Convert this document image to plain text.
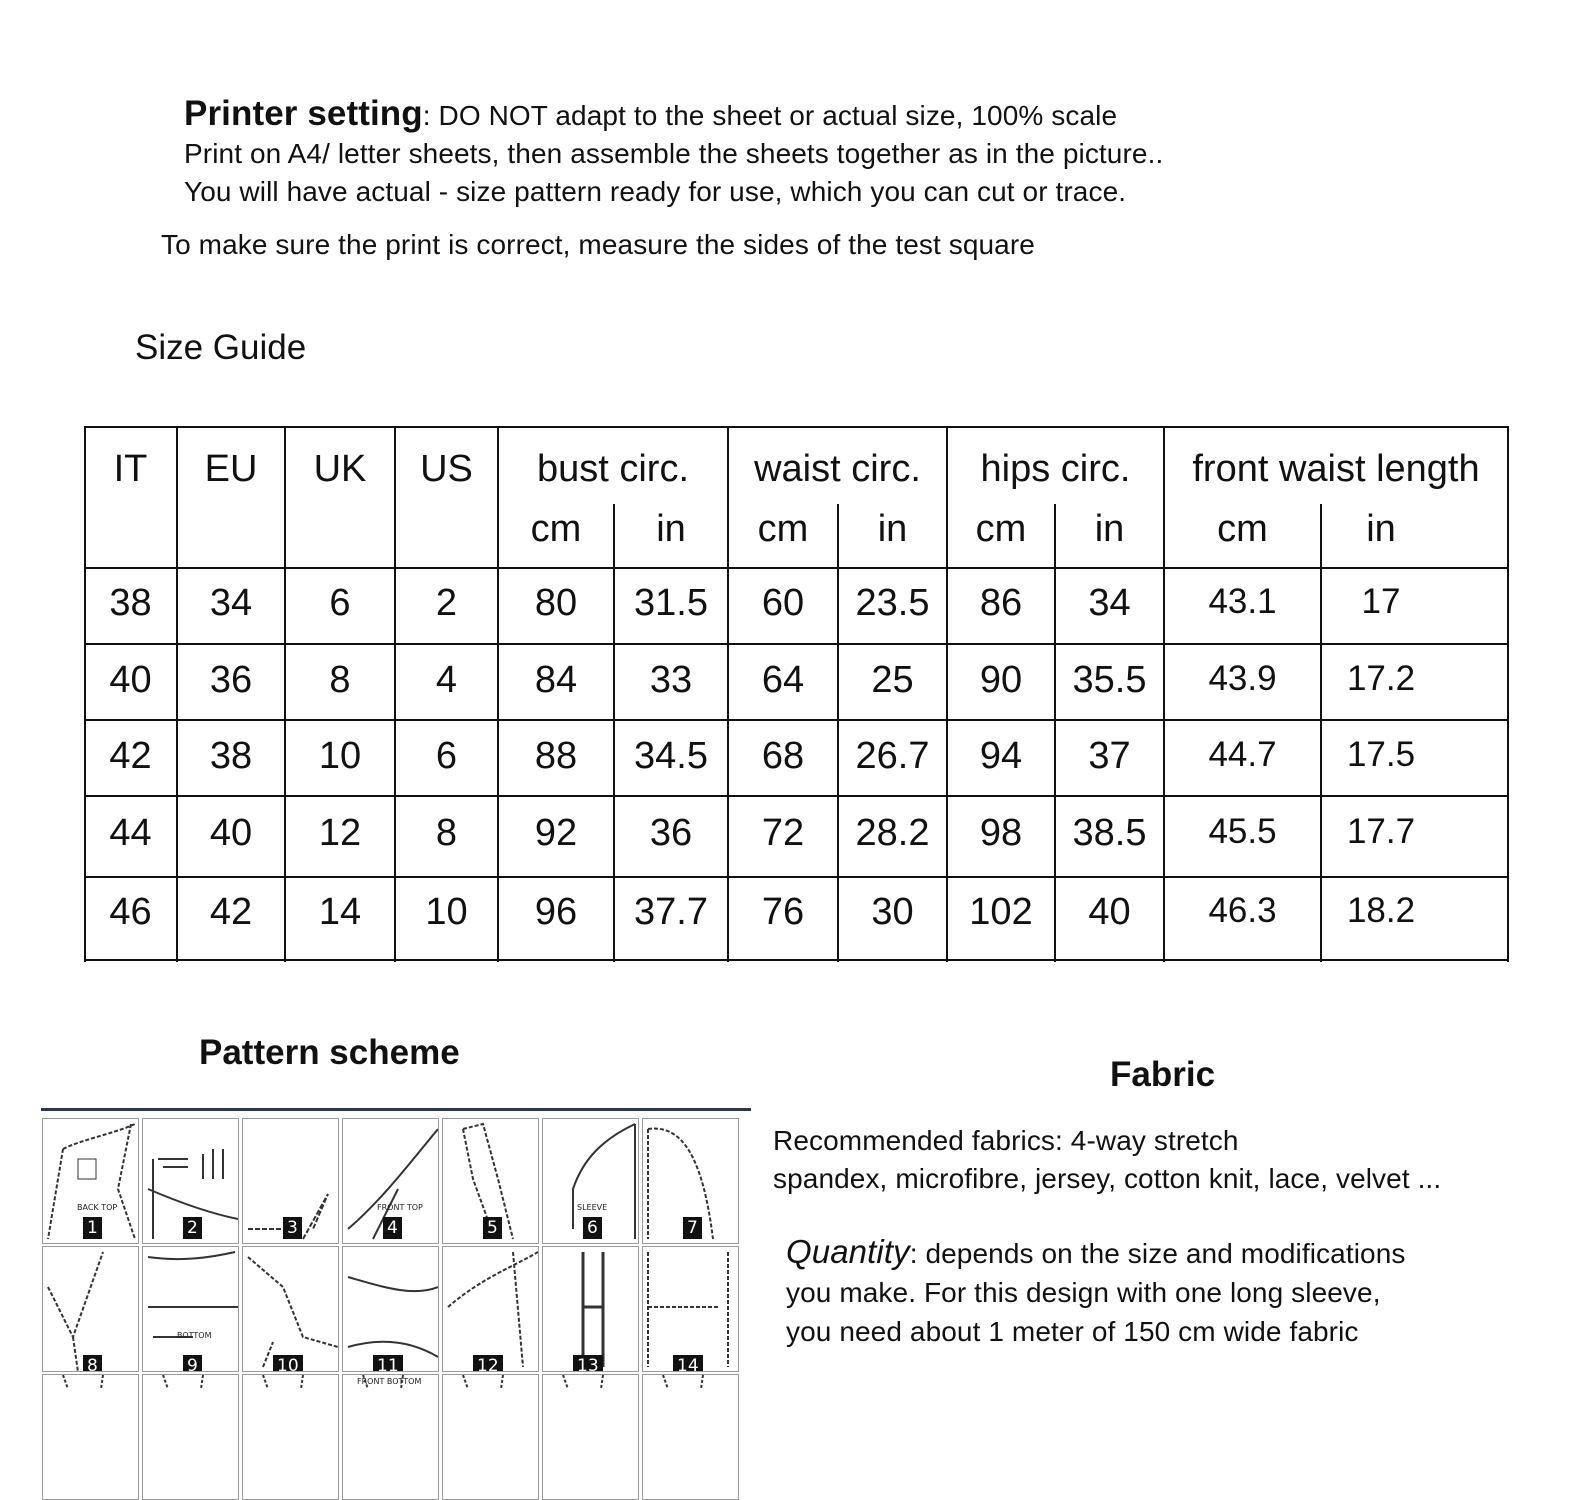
Printer setting: DO NOT adapt to the sheet or actual size, 100% scale
Print on A4/ letter sheets, then assemble the sheets together as in the picture..
You will have actual - size pattern ready for use, which you can cut or trace.
To make sure the print is correct, measure the sides of the test square
Size Guide
IT	EU	UK	US	bust circ.	waist circ.	hips circ.	front waist length
cm	in	cm	in	cm	in	cm	in
38	34	6	2	80	31.5	60	23.5	86	34	43.1	17
40	36	8	4	84	33	64	25	90	35.5	43.9	17.2
42	38	10	6	88	34.5	68	26.7	94	37	44.7	17.5
44	40	12	8	92	36	72	28.2	98	38.5	45.5	17.7
46	42	14	10	96	37.7	76	30	102	40	46.3	18.2
Pattern scheme
BACK TOP
1	2	3
FRONT TOP
4	5
SLEEVE
6	7
8
BOTTOM
9	10	11	12	13	14
FRONT BOTTOM
Fabric
Recommended fabrics: 4-way stretch
spandex, microfibre, jersey, cotton knit, lace, velvet ...
Quantity: depends on the size and modifications
you make. For this design with one long sleeve,
you need about 1 meter of 150 cm wide fabric
